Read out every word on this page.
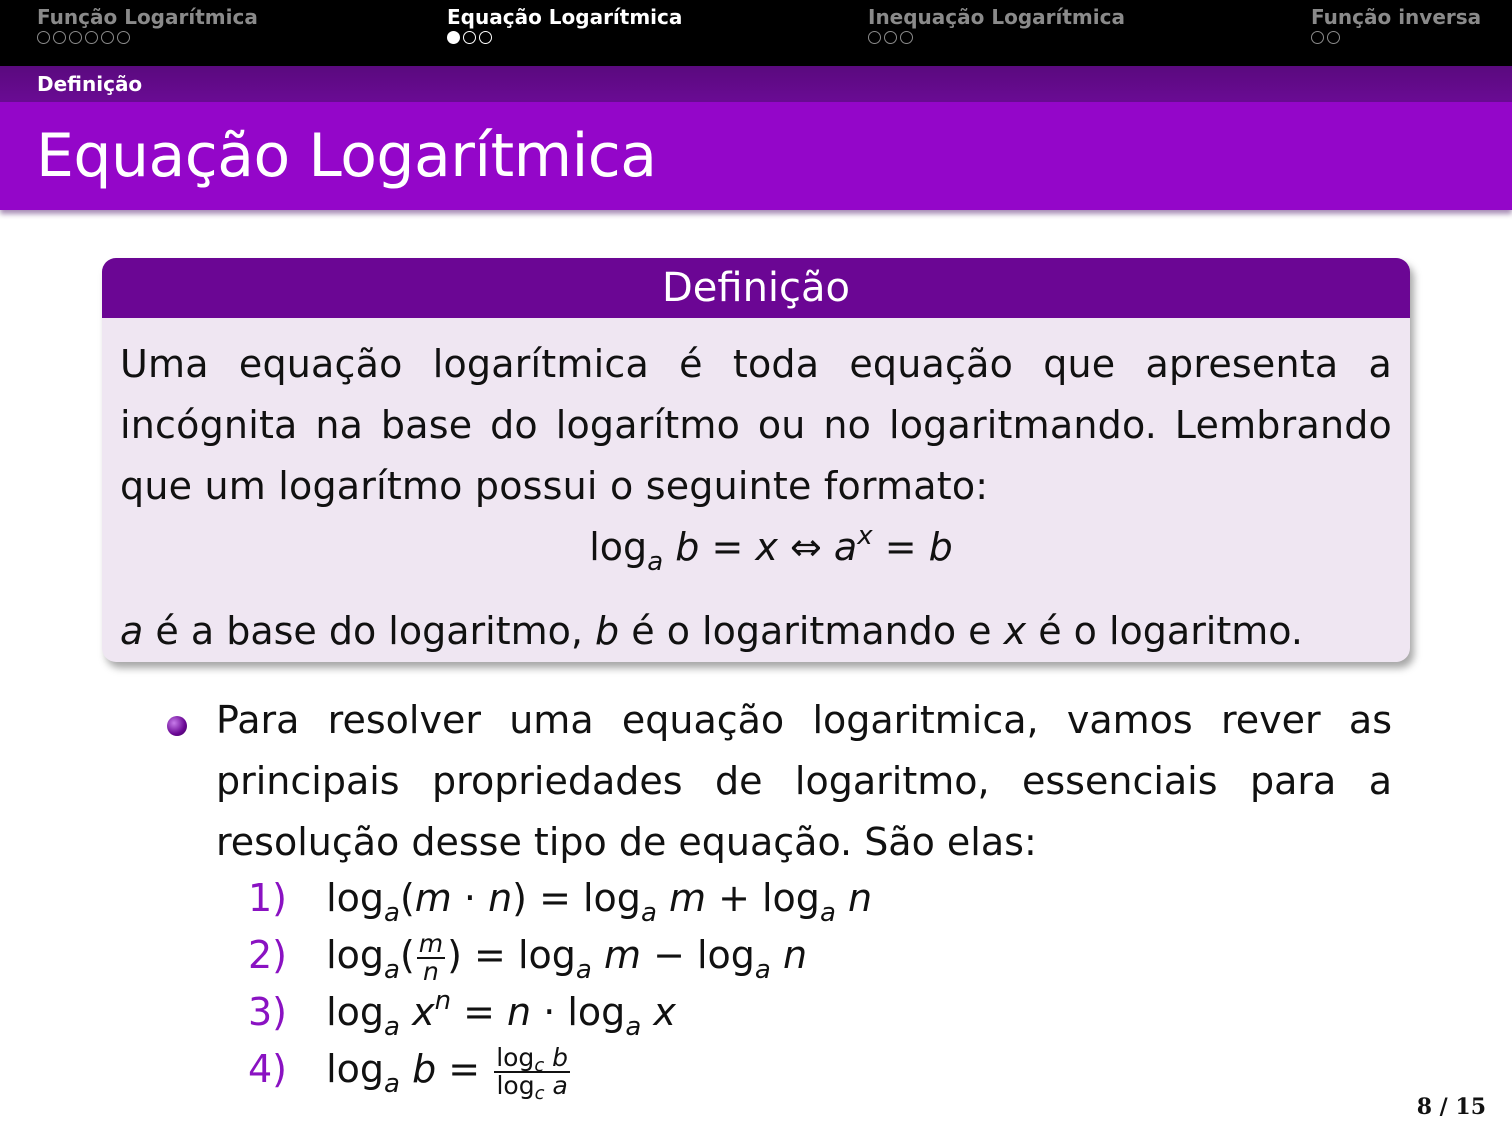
Função Logarítmica	Equação Logarítmica	Inequação Logarítmica	Função inversa
Definição
Equação Logarítmica
Definição
Uma equação logarítmica é toda equação que apresenta a incógnita na base do logarítmo ou no logaritmando. Lembrando que um logarítmo possui o seguinte formato:
$\log_a b = x$ ⇔ $a^x = b$
a é a base do logaritmo, b é o logaritmando e x é o logaritmo.
Para resolver uma equação logaritmica, vamos rever as principais propriedades de logaritmo, essenciais para a resolução desse tipo de equação. São elas:
1) $\log_a(m \cdot n) = \log_a m + \log_a n$
2) $\log_a( \frac{m}{n}$ ) = $\log_a m - \log_a n$
3) $\log_a x^n = n \cdot \log_a x$
4) $\log_a b = \frac{\log_c b}{\log_c a}$
8 / 15
